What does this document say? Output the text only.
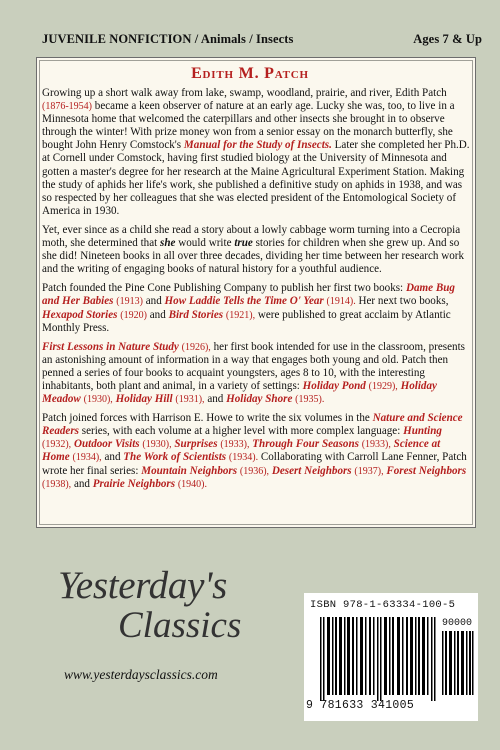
JUVENILE NONFICTION / Animals / Insects	Ages 7 & Up
Edith M. Patch

Growing up a short walk away from lake, swamp, woodland, prairie, and river, Edith Patch (1876-1954) became a keen observer of nature at an early age. Lucky she was, too, to live in a Minnesota home that welcomed the caterpillars and other insects she brought in to observe through the winter! With prize money won from a senior essay on the monarch butterfly, she bought John Henry Comstock's Manual for the Study of Insects. Later she completed her Ph.D. at Cornell under Comstock, having first studied biology at the University of Minnesota and gotten a master's degree for her research at the Maine Agricultural Experiment Station. Making the study of aphids her life's work, she published a definitive study on aphids in 1938, and was so respected by her colleagues that she was elected president of the Entomological Society of America in 1930.

Yet, ever since as a child she read a story about a lowly cabbage worm turning into a Cecropia moth, she determined that she would write true stories for children when she grew up. And so she did! Nineteen books in all over three decades, dividing her time between her research work and the writing of engaging books of natural history for a youthful audience.

Patch founded the Pine Cone Publishing Company to publish her first two books: Dame Bug and Her Babies (1913) and How Laddie Tells the Time O' Year (1914). Her next two books, Hexapod Stories (1920) and Bird Stories (1921), were published to great acclaim by Atlantic Monthly Press.

First Lessons in Nature Study (1926), her first book intended for use in the classroom, presents an astonishing amount of information in a way that engages both young and old. Patch then penned a series of four books to acquaint youngsters, ages 8 to 10, with the interesting inhabitants, both plant and animal, in a variety of settings: Holiday Pond (1929), Holiday Meadow (1930), Holiday Hill (1931), and Holiday Shore (1935).

Patch joined forces with Harrison E. Howe to write the six volumes in the Nature and Science Readers series, with each volume at a higher level with more complex language: Hunting (1932), Outdoor Visits (1930), Surprises (1933), Through Four Seasons (1933), Science at Home (1934), and The Work of Scientists (1934). Collaborating with Carroll Lane Fenner, Patch wrote her final series: Mountain Neighbors (1936), Desert Neighbors (1937), Forest Neighbors (1938), and Prairie Neighbors (1940).

Yesterday's
Classics
www.yesterdaysclassics.com
ISBN 978-1-63334-100-5
90000
9 781633 341005
